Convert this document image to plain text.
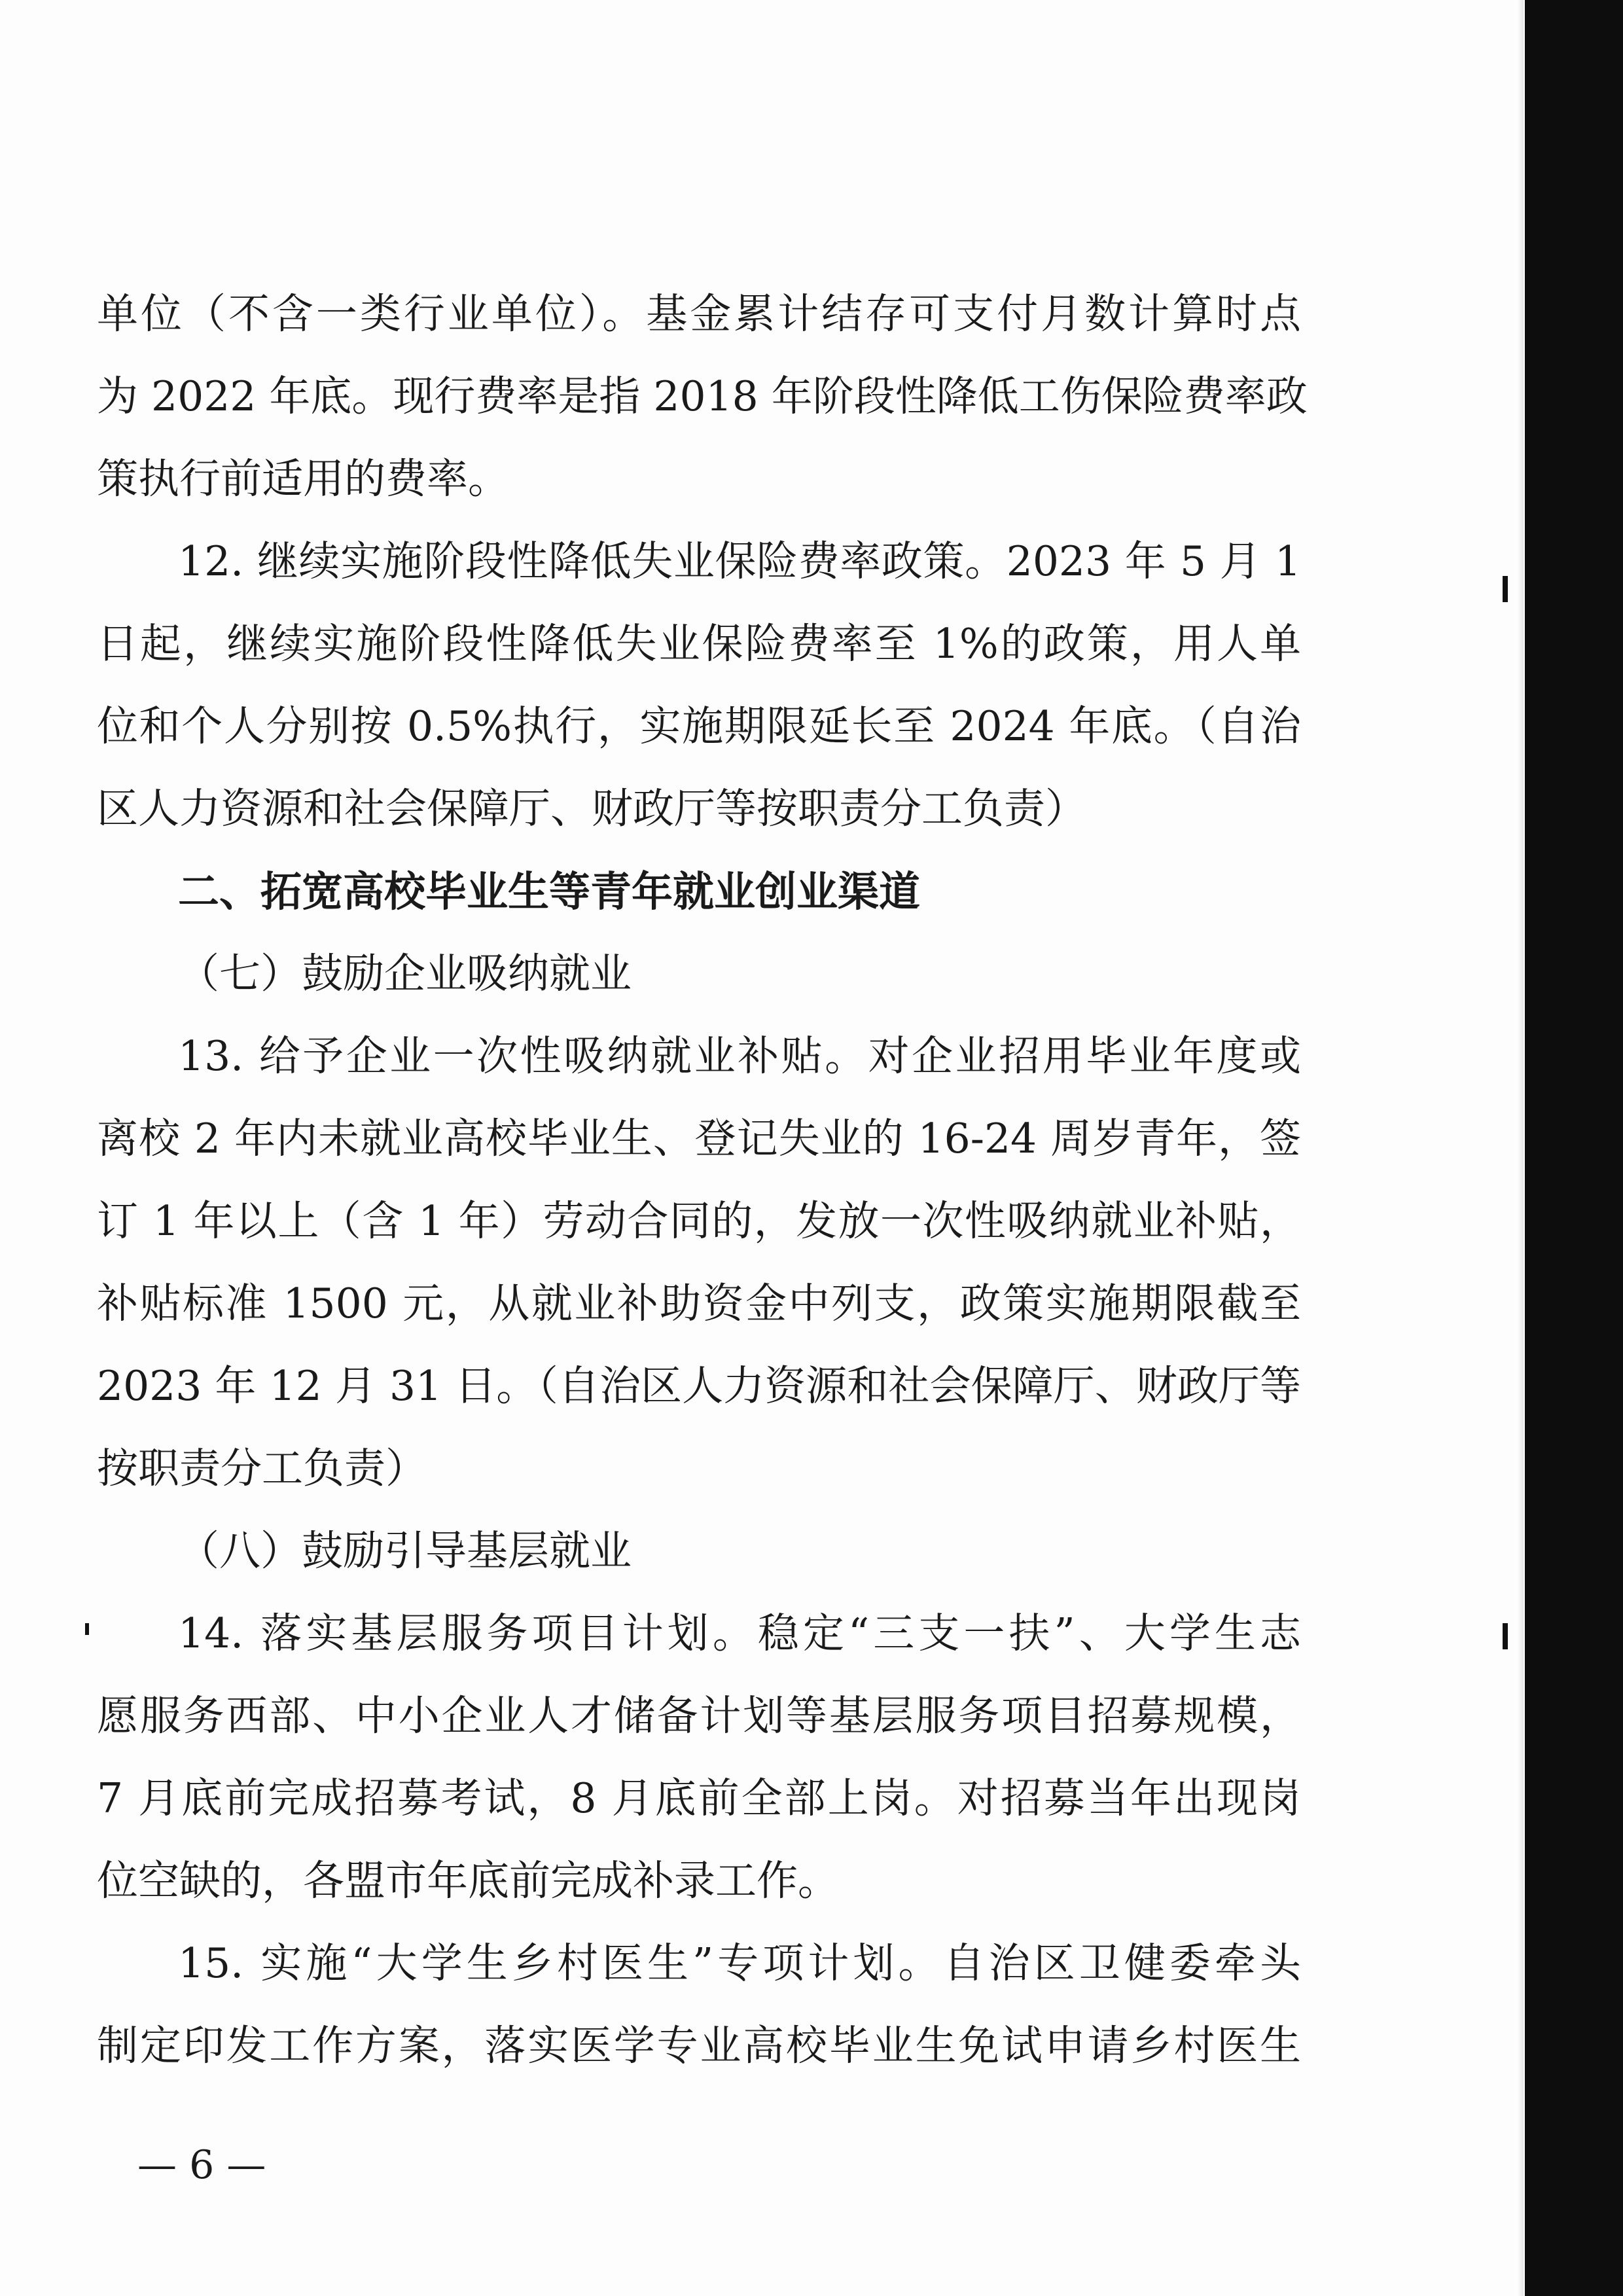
单位（不含一类行业单位）。基金累计结存可支付月数计算时点
为 2022 年底。现行费率是指 2018 年阶段性降低工伤保险费率政
策执行前适用的费率。
12. 继续实施阶段性降低失业保险费率政策。2023 年 5 月 1
日起，继续实施阶段性降低失业保险费率至 1%的政策，用人单
位和个人分别按 0.5%执行，实施期限延长至 2024 年底。（自治
区人力资源和社会保障厅、财政厅等按职责分工负责）
二、拓宽高校毕业生等青年就业创业渠道
（七）鼓励企业吸纳就业
13. 给予企业一次性吸纳就业补贴。对企业招用毕业年度或
离校 2 年内未就业高校毕业生、登记失业的 16-24 周岁青年，签
订 1 年以上（含 1 年）劳动合同的，发放一次性吸纳就业补贴，
补贴标准 1500 元，从就业补助资金中列支，政策实施期限截至
2023 年 12 月 31 日。（自治区人力资源和社会保障厅、财政厅等
按职责分工负责）
（八）鼓励引导基层就业
14. 落实基层服务项目计划。稳定“三支一扶”、大学生志
愿服务西部、中小企业人才储备计划等基层服务项目招募规模，
7 月底前完成招募考试，8 月底前全部上岗。对招募当年出现岗
位空缺的，各盟市年底前完成补录工作。
15. 实施“大学生乡村医生”专项计划。自治区卫健委牵头
制定印发工作方案，落实医学专业高校毕业生免试申请乡村医生
— 6 —
